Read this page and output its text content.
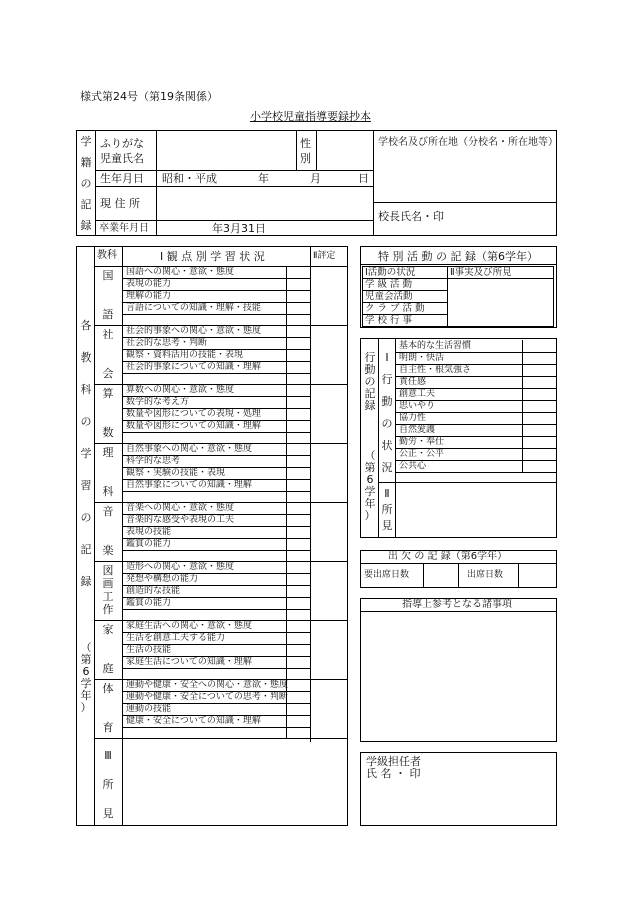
様式第24号（第19条関係）
小学校児童指導要録抄本
学
籍
の
記
録
ふりがな
児童氏名
性
別
生年月日 昭和・平成	年	月	日
現 住 所
卒業年月日	年3月31日
学校名及び所在地（分校名・所在地等）
校長氏名・印
教科	Ⅰ 観 点 別 学 習 状 況	Ⅱ評定
各
教
科
の
学
習
の
記
録
（
第
6
学
年
）
国
語
国語への関心・意欲・態度
表現の能力
理解の能力
言語についての知識・理解・技能
社
会
社会的事象への関心・意欲・態度
社会的な思考・判断
観察・資料活用の技能・表現
社会的事象についての知識・理解
算
数
算数への関心・意欲・態度
数学的な考え方
数量や図形についての表現・処理
数量や図形についての知識・理解
理
科
自然事象への関心・意欲・態度
科学的な思考
観察・実験の技能・表現
自然事象についての知識・理解
音
楽
音楽への関心・意欲・態度
音楽的な感受や表現の工夫
表現の技能
鑑賞の能力
図
画
工
作
造形への関心・意欲・態度
発想や構想の能力
創造的な技能
鑑賞の能力
家
庭
家庭生活への関心・意欲・態度
生活を創意工夫する能力
生活の技能
家庭生活についての知識・理解
体
育
運動や健康・安全への関心・意欲・態度
運動や健康・安全についての思考・判断
運動の技能
健康・安全についての知識・理解
Ⅲ
所
見
特 別 活 動 の 記 録（第6学年）
Ⅰ活動の状況	Ⅱ事実及び所見
学 級 活 動	
児童会活動	
ク ラ ブ 活 動	
学 校 行 事	
行
動
の
記
録
（
第
6
学
年
）
Ⅰ
行
動
の
状
況
Ⅱ
所
見
基本的な生活習慣
明朗・快活
自主性・根気強さ
責任感
創意工夫
思いやり
協力性
自然愛護
勤労・奉仕
公正・公平
公共心
出 欠 の 記 録（第6学年）
要出席日数	出席日数
指導上参考となる諸事項
学級担任者
氏 名 ・ 印
